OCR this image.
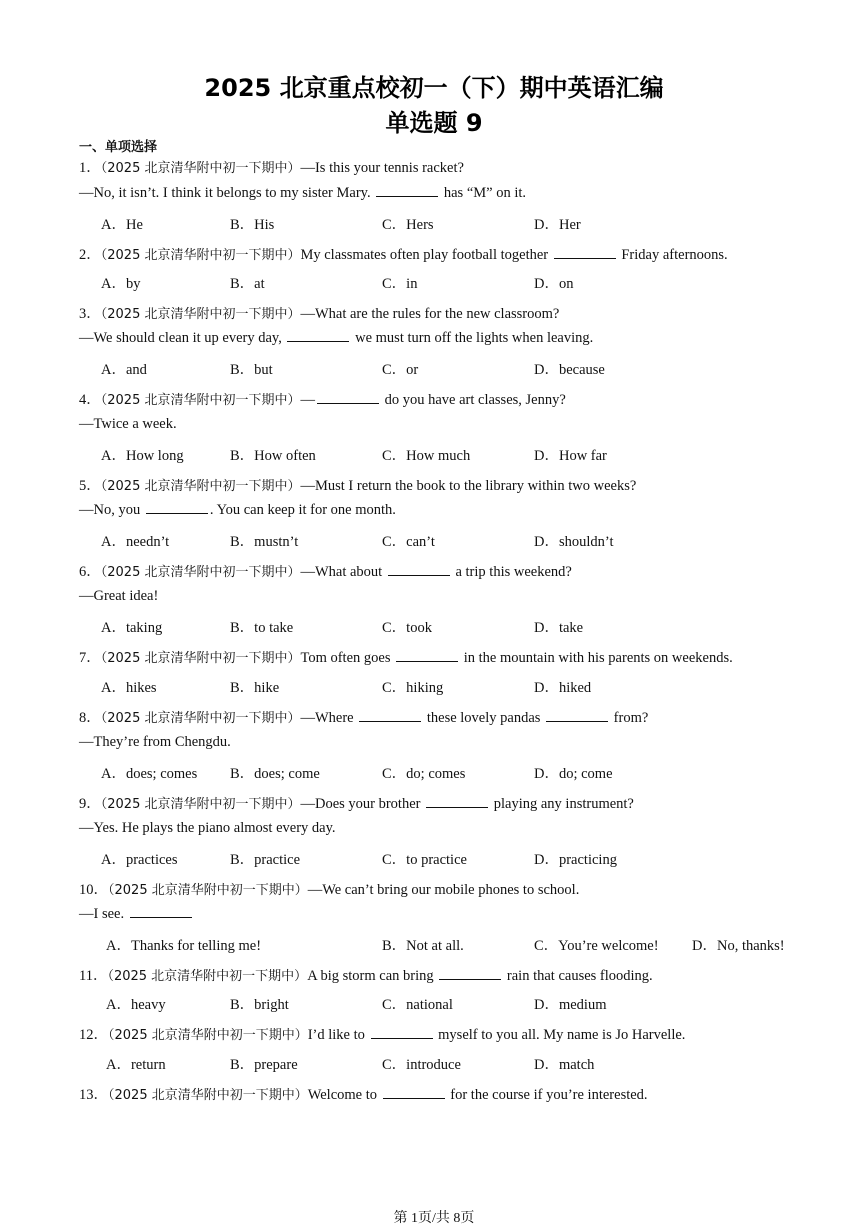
2025 北京重点校初一（下）期中英语汇编
单选题 9
一、单项选择
1．（2025 北京清华附中初一下期中）—Is this your tennis racket?
—No, it isn’t. I think it belongs to my sister Mary.	has “M” on it.
A．He	B．His	C．Hers	D．Her
2．（2025 北京清华附中初一下期中）My classmates often play football together	Friday afternoons.
A．by	B．at	C．in	D．on
3．（2025 北京清华附中初一下期中）—What are the rules for the new classroom?
—We should clean it up every day,	we must turn off the lights when leaving.
A．and	B．but	C．or	D．because
4．（2025 北京清华附中初一下期中）—	do you have art classes, Jenny?
—Twice a week.
A．How long	B．How often	C．How much	D．How far
5．（2025 北京清华附中初一下期中）—Must I return the book to the library within two weeks?
—No, you	. You can keep it for one month.
A．needn’t	B．mustn’t	C．can’t	D．shouldn’t
6．（2025 北京清华附中初一下期中）—What about	a trip this weekend?
—Great idea!
A．taking	B．to take	C．took	D．take
7．（2025 北京清华附中初一下期中）Tom often goes	in the mountain with his parents on weekends.
A．hikes	B．hike	C．hiking	D．hiked
8．（2025 北京清华附中初一下期中）—Where	these lovely pandas	from?
—They’re from Chengdu.
A．does; comes B．does; come	C．do; comes	D．do; come
9．（2025 北京清华附中初一下期中）—Does your brother	playing any instrument?
—Yes. He plays the piano almost every day.
A．practices	B．practice	C．to practice	D．practicing
10．（2025 北京清华附中初一下期中）—We can’t bring our mobile phones to school.
—I see.
A．Thanks for telling me!	B．Not at all.	C．You’re welcome! D．No, thanks!
11．（2025 北京清华附中初一下期中）A big storm can bring	rain that causes flooding.
A．heavy	B．bright	C．national	D．medium
12．（2025 北京清华附中初一下期中）I’d like to	myself to you all. My name is Jo Harvelle.
A．return	B．prepare	C．introduce	D．match
13．（2025 北京清华附中初一下期中）Welcome to	for the course if you’re interested.
第 1页/共 8页
